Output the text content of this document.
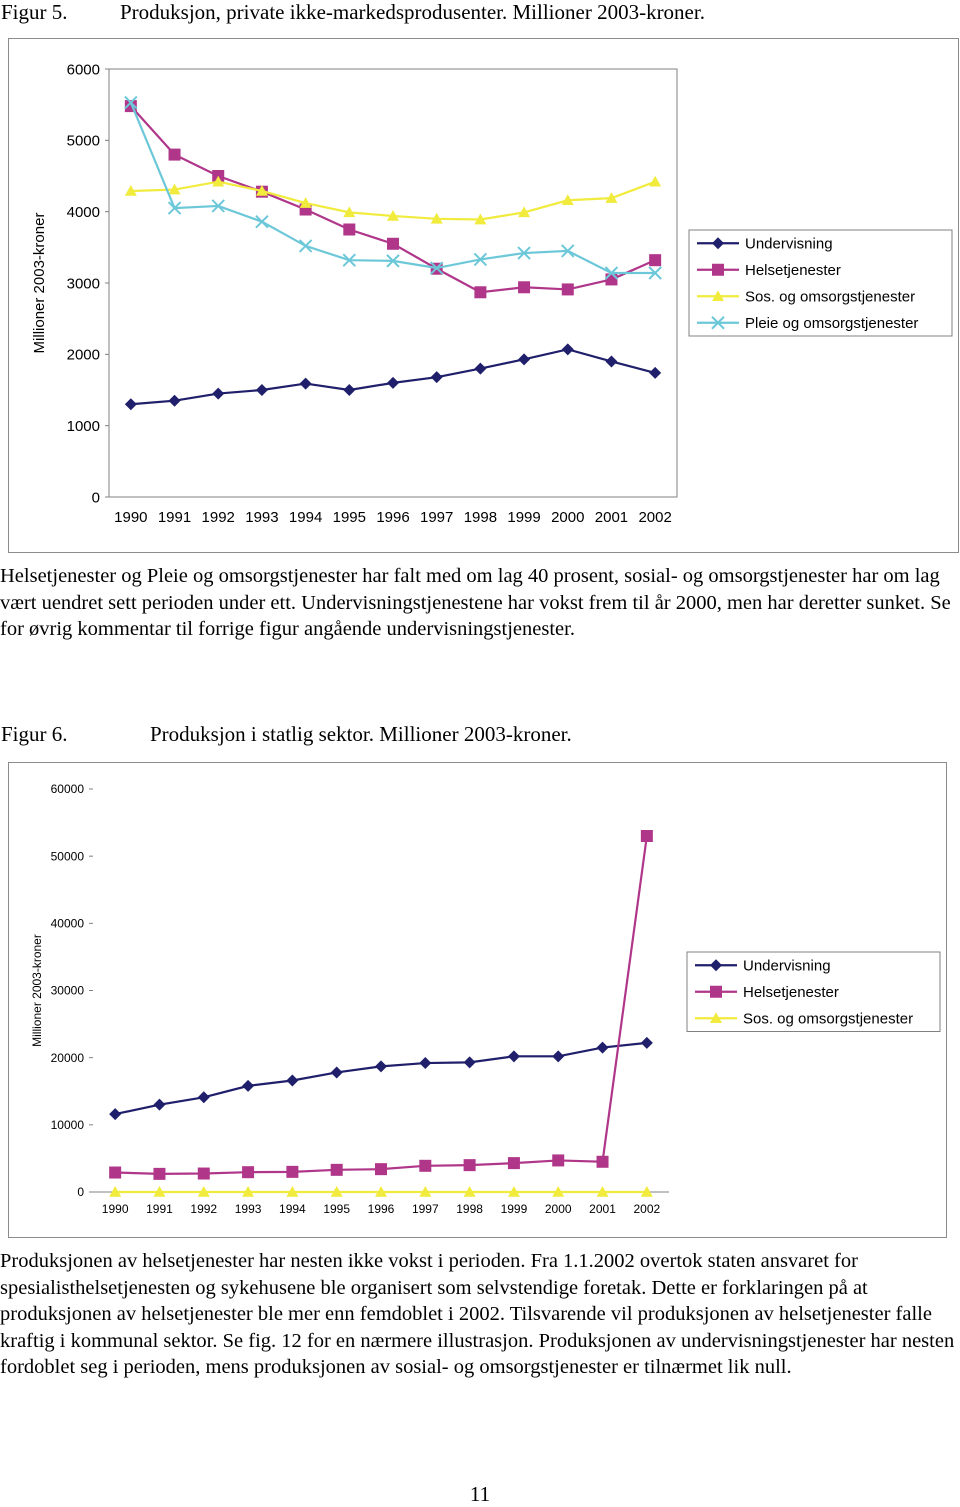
Figur 5. Produksjon, private ikke-markedsprodusenter. Millioner 2003-kroner.
0
1000
2000
3000
4000
5000
6000
1990 1991 1992 1993 1994 1995 1996 1997 1998 1999 2000 2001 2002
Millioner 2003-kroner	Undervisning
Helsetjenester
Sos. og omsorgstjenester
Pleie og omsorgstjenester
Helsetjenester og Pleie og omsorgstjenester har falt med om lag 40 prosent, sosial- og omsorgstjenester har om lag vært uendret sett perioden under ett. Undervisningstjenestene har vokst frem til år 2000, men har deretter sunket. Se for øvrig kommentar til forrige figur angående undervisningstjenester.
Figur 6.	Produksjon i statlig sektor. Millioner 2003-kroner.
0
10000
20000
30000
40000
50000
60000
1990 1991 1992 1993 1994 1995 1996 1997 1998 1999 2000 2001 2002
Millioner 2003-kroner	Undervisning
Helsetjenester
Sos. og omsorgstjenester
Produksjonen av helsetjenester har nesten ikke vokst i perioden. Fra 1.1.2002 overtok staten ansvaret for spesialisthelsetjenesten og sykehusene ble organisert som selvstendige foretak. Dette er forklaringen på at produksjonen av helsetjenester ble mer enn femdoblet i 2002. Tilsvarende vil produksjonen av helsetjenester falle kraftig i kommunal sektor. Se fig. 12 for en nærmere illustrasjon. Produksjonen av undervisningstjenester har nesten fordoblet seg i perioden, mens produksjonen av sosial- og omsorgstjenester er tilnærmet lik null.
11
